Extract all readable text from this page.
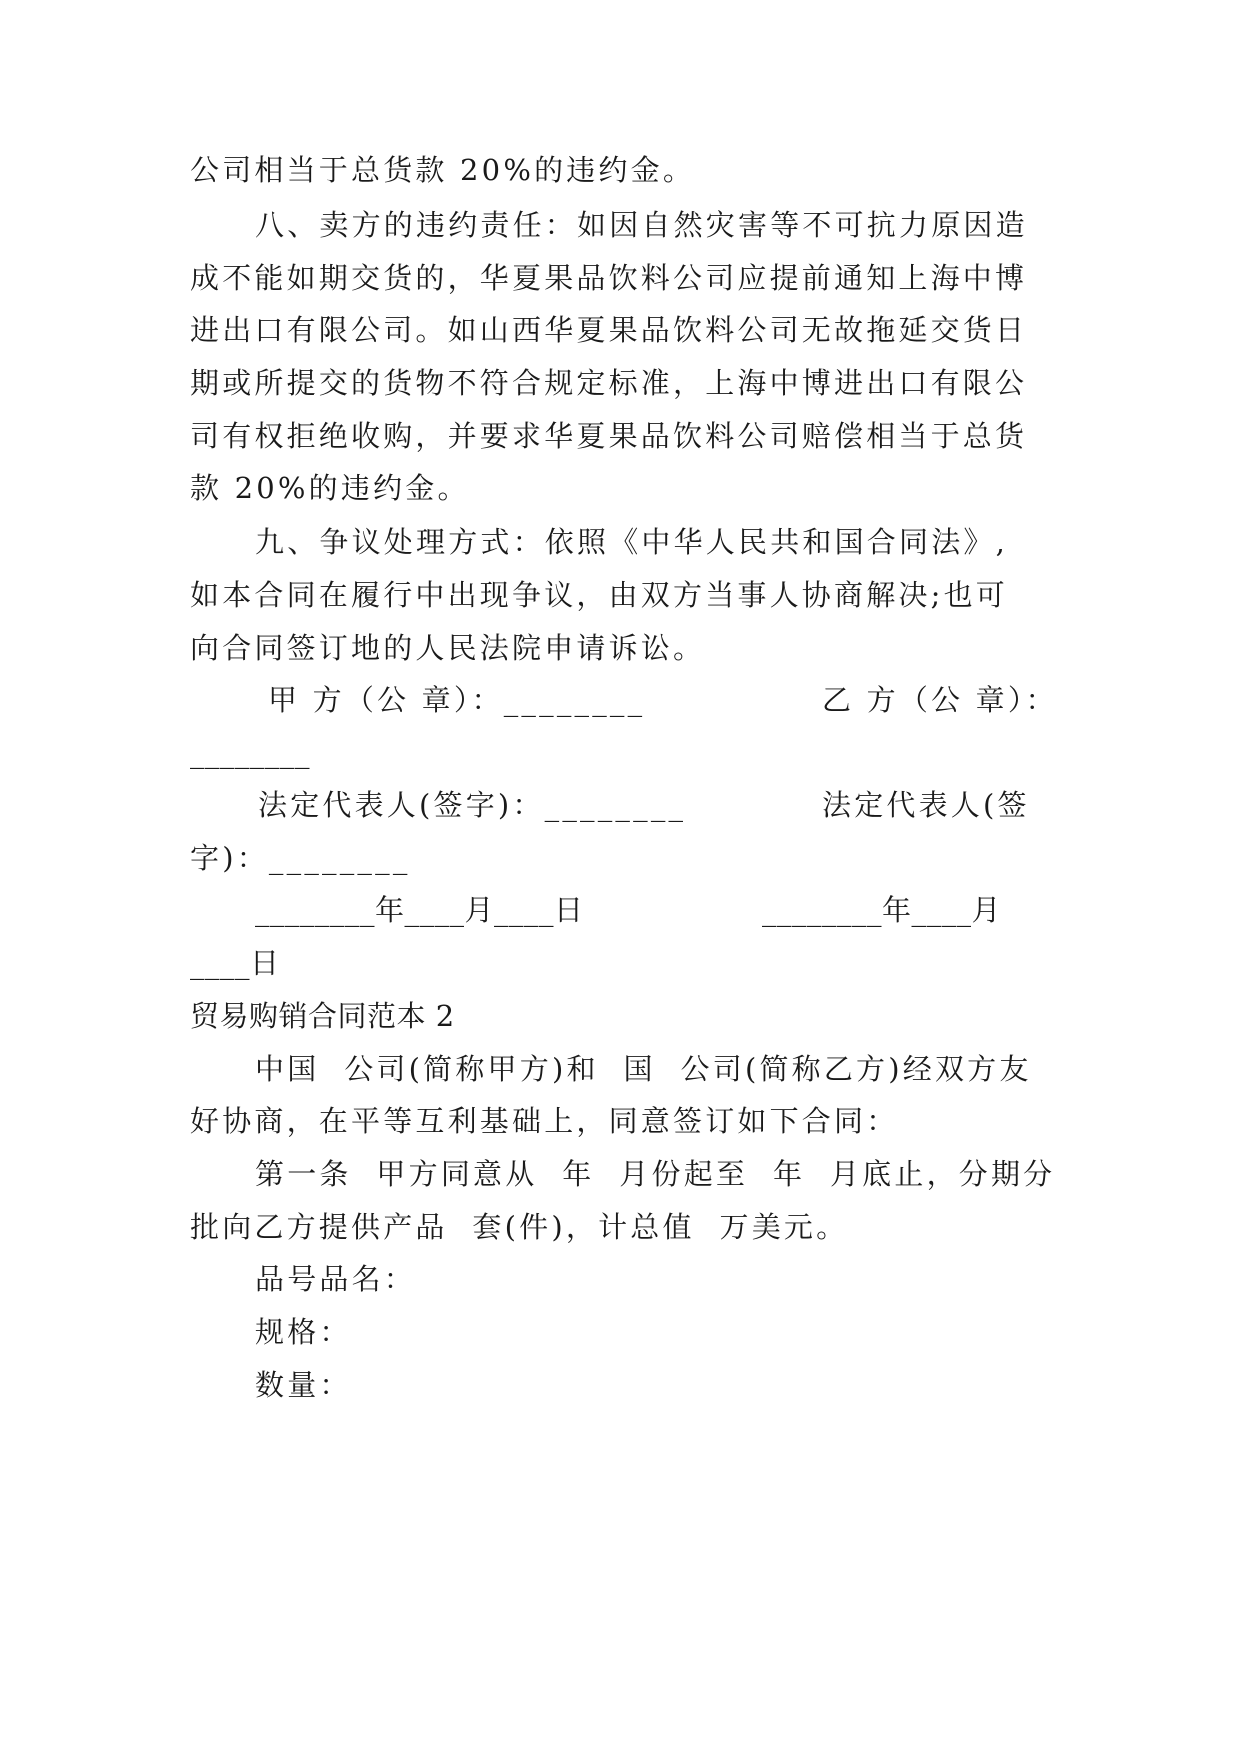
公司相当于总货款 20%的违约金。
八、卖方的违约责任：如因自然灾害等不可抗力原因造
成不能如期交货的，华夏果品饮料公司应提前通知上海中博
进出口有限公司。如山西华夏果品饮料公司无故拖延交货日
期或所提交的货物不符合规定标准，上海中博进出口有限公
司有权拒绝收购，并要求华夏果品饮料公司赔偿相当于总货
款 20%的违约金。
九、争议处理方式：依照《中华人民共和国合同法》,
如本合同在履行中出现争议，由双方当事人协商解决;也可
向合同签订地的人民法院申请诉讼。
甲 方（公 章）：________	乙 方（公 章）：
________
法定代表人(签字)：________	法定代表人(签
字)：________
________年____月____日	________年____月
____日
贸易购销合同范本 2
中国  公司(简称甲方)和  国  公司(简称乙方)经双方友
好协商，在平等互利基础上，同意签订如下合同：
第一条  甲方同意从  年  月份起至  年  月底止，分期分
批向乙方提供产品  套(件)，计总值  万美元。
品号品名：
规格：
数量：
